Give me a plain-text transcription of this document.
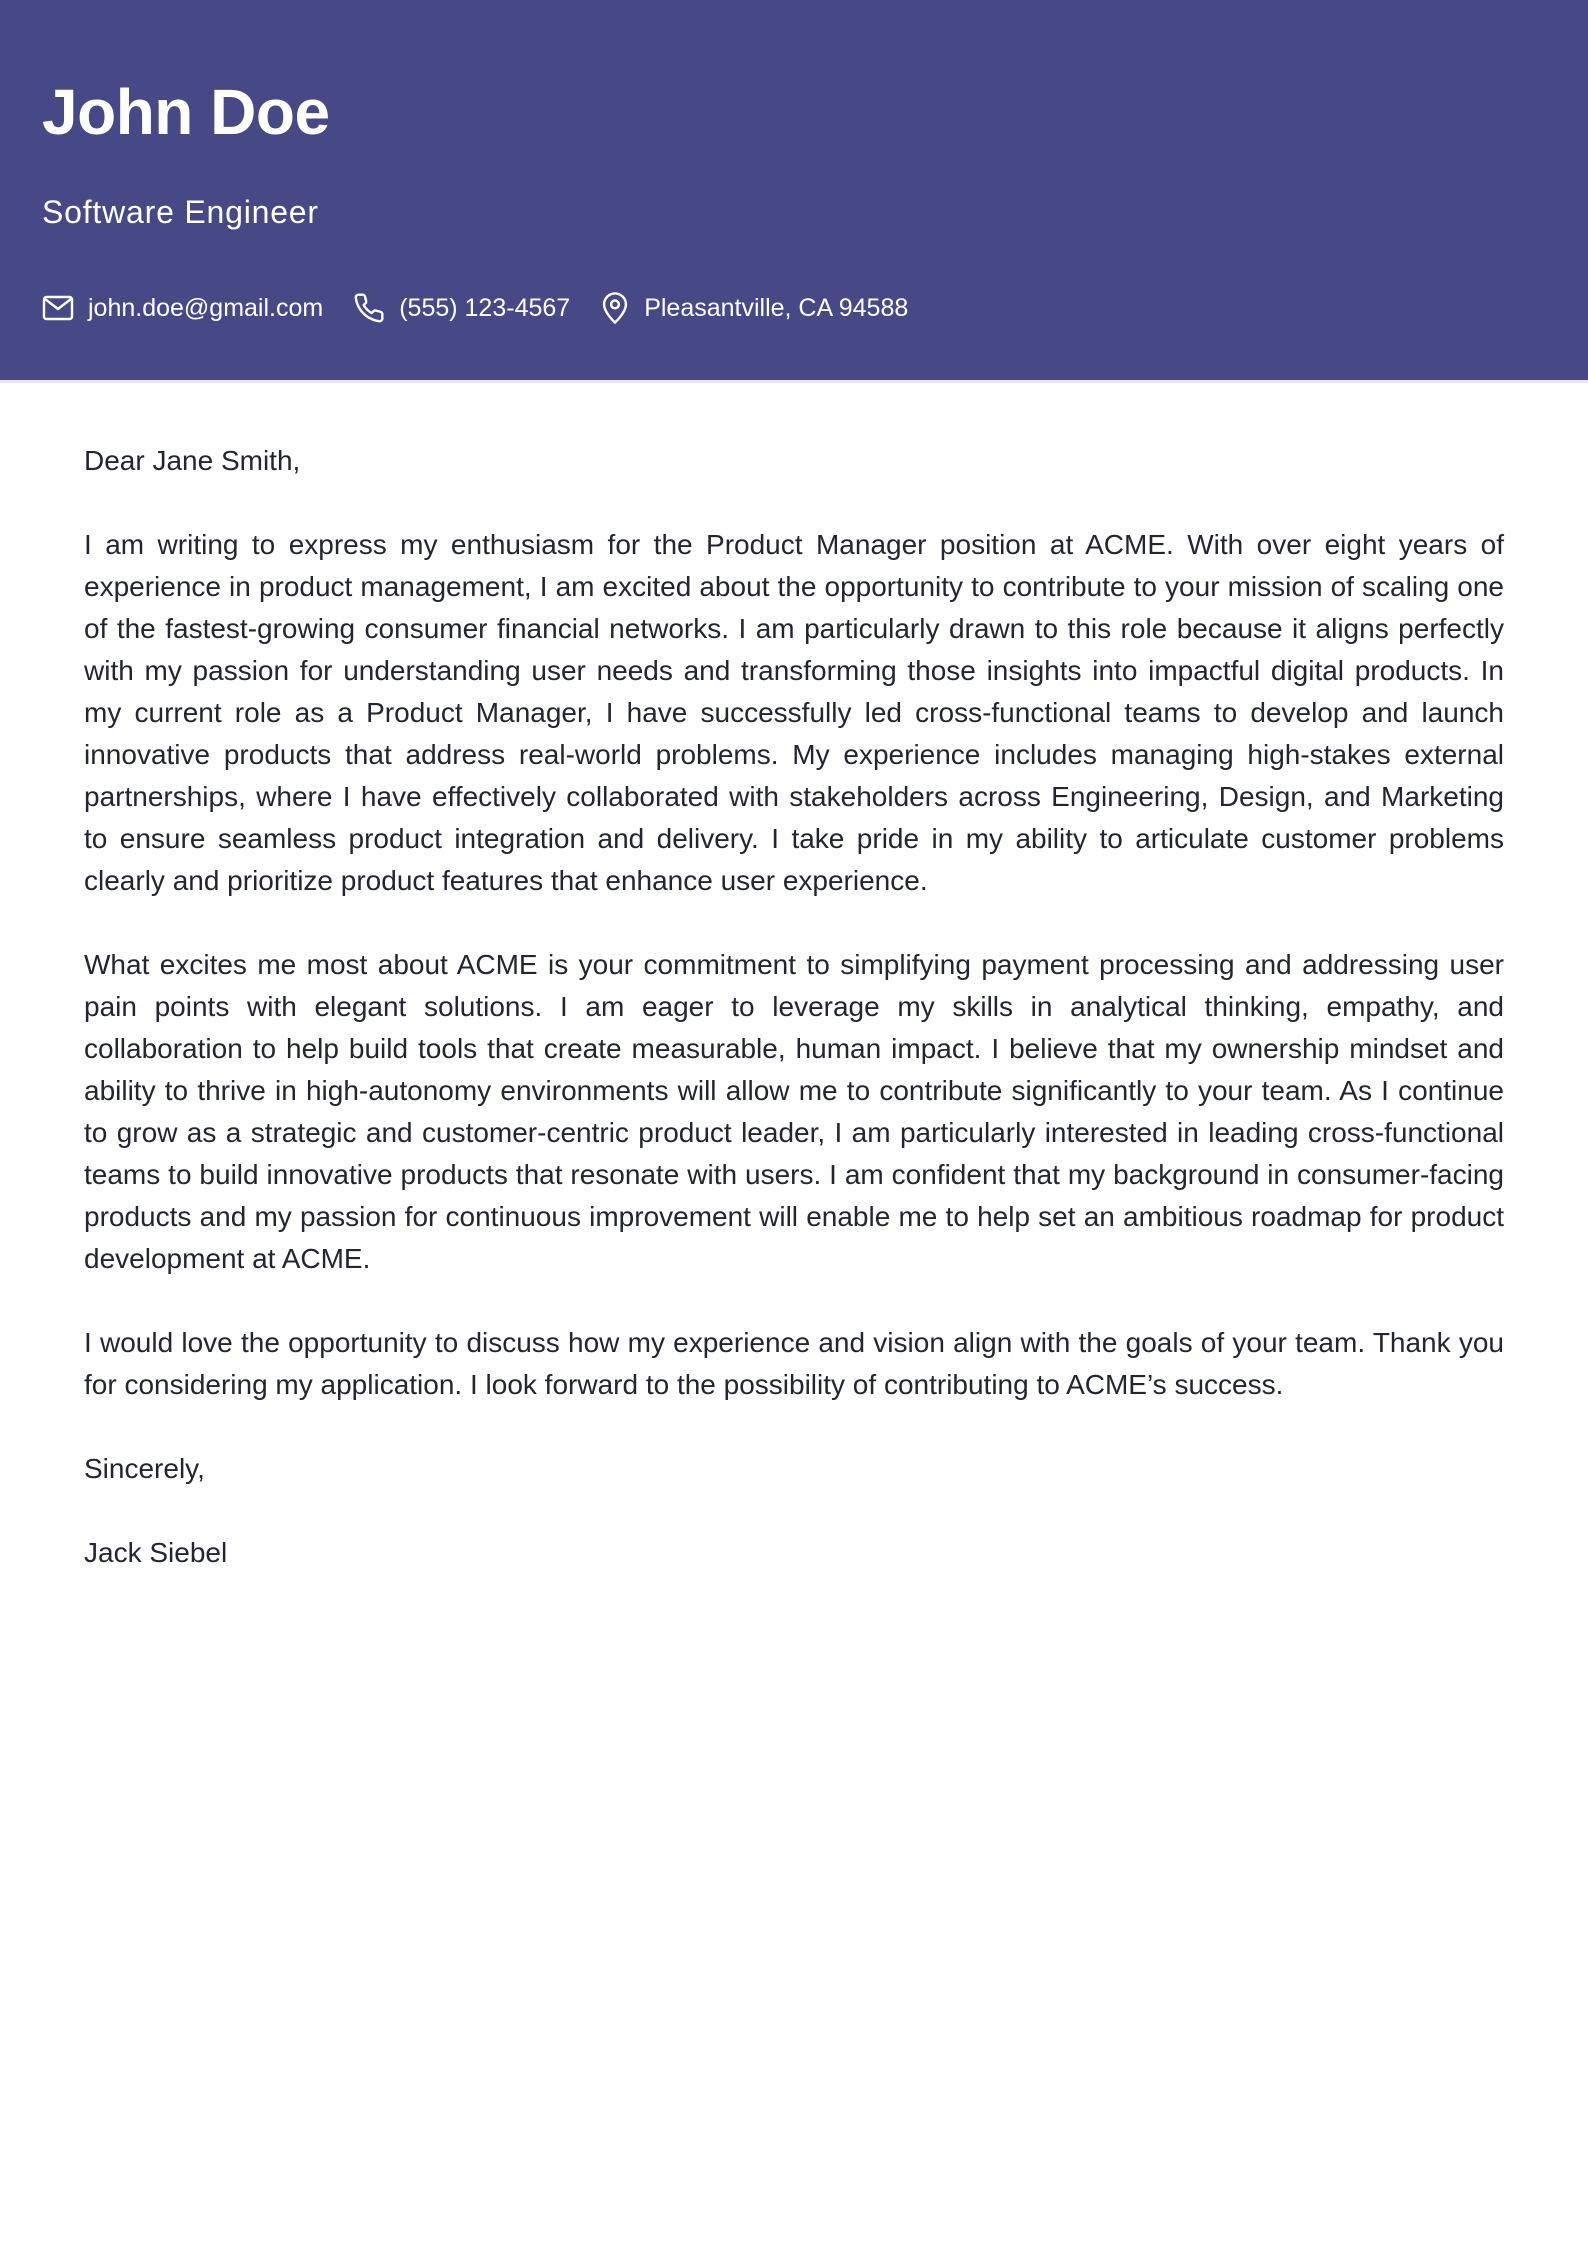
John Doe
Software Engineer
john.doe@gmail.com	(555) 123-4567	Pleasantville, CA 94588

Dear Jane Smith,

I am writing to express my enthusiasm for the Product Manager position at ACME. With over eight years of experience in product management, I am excited about the opportunity to contribute to your mission of scaling one of the fastest-growing consumer financial networks. I am particularly drawn to this role because it aligns perfectly with my passion for understanding user needs and transforming those insights into impactful digital products. In my current role as a Product Manager, I have successfully led cross-functional teams to develop and launch innovative products that address real-world problems. My experience includes managing high-stakes external partnerships, where I have effectively collaborated with stakeholders across Engineering, Design, and Marketing to ensure seamless product integration and delivery. I take pride in my ability to articulate customer problems clearly and prioritize product features that enhance user experience.

What excites me most about ACME is your commitment to simplifying payment processing and addressing user pain points with elegant solutions. I am eager to leverage my skills in analytical thinking, empathy, and collaboration to help build tools that create measurable, human impact. I believe that my ownership mindset and ability to thrive in high-autonomy environments will allow me to contribute significantly to your team. As I continue to grow as a strategic and customer-centric product leader, I am particularly interested in leading cross-functional teams to build innovative products that resonate with users. I am confident that my background in consumer-facing products and my passion for continuous improvement will enable me to help set an ambitious roadmap for product development at ACME.

I would love the opportunity to discuss how my experience and vision align with the goals of your team. Thank you for considering my application. I look forward to the possibility of contributing to ACME’s success.

Sincerely,

Jack Siebel
